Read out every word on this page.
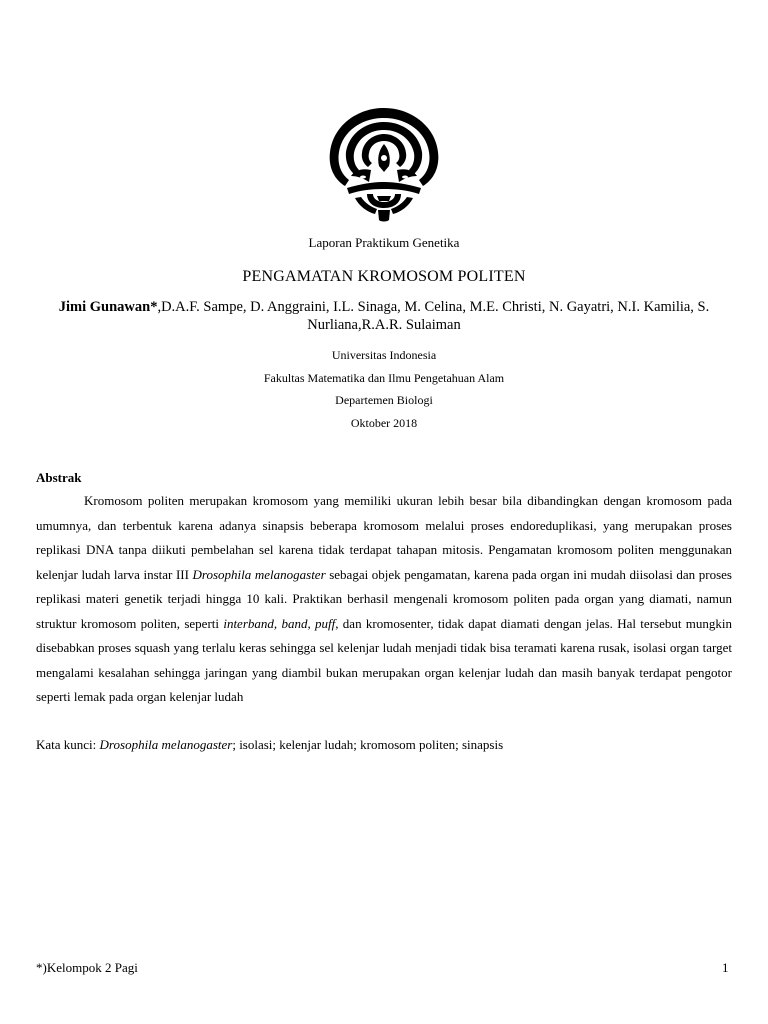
Laporan Praktikum Genetika
PENGAMATAN KROMOSOM POLITEN
Jimi Gunawan*,D.A.F. Sampe, D. Anggraini, I.L. Sinaga, M. Celina, M.E. Christi, N. Gayatri, N.I. Kamilia, S. Nurliana,R.A.R. Sulaiman
Universitas Indonesia
Fakultas Matematika dan Ilmu Pengetahuan Alam
Departemen Biologi
Oktober 2018
Abstrak

Kromosom politen merupakan kromosom yang memiliki ukuran lebih besar bila dibandingkan dengan kromosom pada umumnya, dan terbentuk karena adanya sinapsis beberapa kromosom melalui proses endoreduplikasi, yang merupakan proses replikasi DNA tanpa diikuti pembelahan sel karena tidak terdapat tahapan mitosis. Pengamatan kromosom politen menggunakan kelenjar ludah larva instar III Drosophila melanogaster sebagai objek pengamatan, karena pada organ ini mudah diisolasi dan proses replikasi materi genetik terjadi hingga 10 kali. Praktikan berhasil mengenali kromosom politen pada organ yang diamati, namun struktur kromosom politen, seperti interband, band, puff, dan kromosenter, tidak dapat diamati dengan jelas. Hal tersebut mungkin disebabkan proses squash yang terlalu keras sehingga sel kelenjar ludah menjadi tidak bisa teramati karena rusak, isolasi organ target mengalami kesalahan sehingga jaringan yang diambil bukan merupakan organ kelenjar ludah dan masih banyak terdapat pengotor seperti lemak pada organ kelenjar ludah

Kata kunci: Drosophila melanogaster; isolasi; kelenjar ludah; kromosom politen; sinapsis
*)Kelompok 2 Pagi	1
